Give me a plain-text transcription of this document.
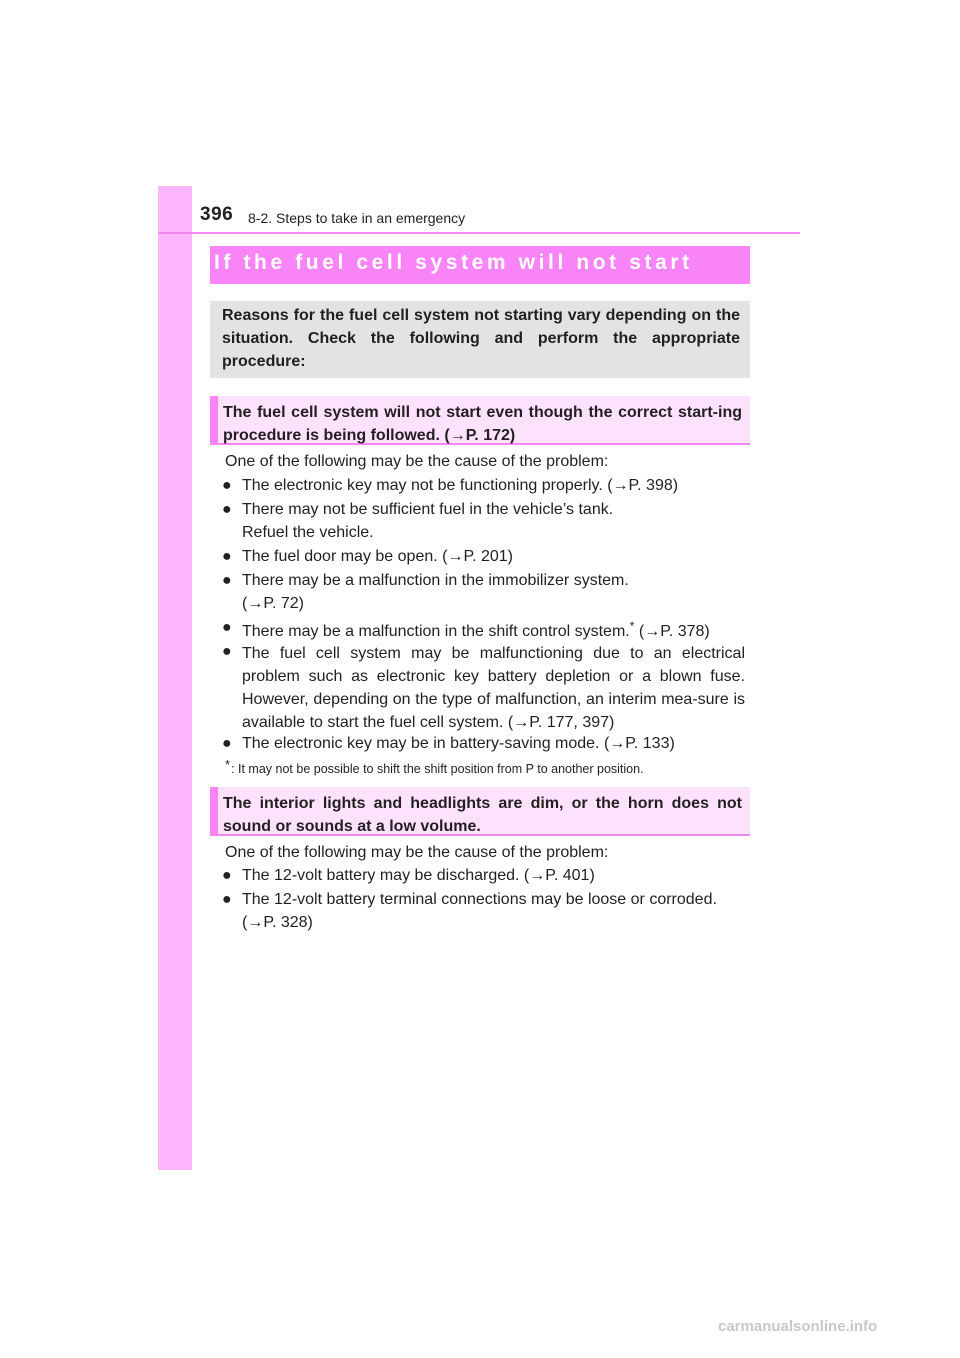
396 8-2. Steps to take in an emergency
If the fuel cell system will not start
Reasons for the fuel cell system not starting vary depending on the situation. Check the following and perform the appropriate procedure:
The fuel cell system will not start even though the correct start-ing procedure is being followed. (→P. 172)
One of the following may be the cause of the problem:
● The electronic key may not be functioning properly. (→P. 398)
● There may not be sufficient fuel in the vehicle’s tank.
Refuel the vehicle.
● The fuel door may be open. (→P. 201)
● There may be a malfunction in the immobilizer system.
(→P. 72)
● There may be a malfunction in the shift control system.* (→P. 378)
● The fuel cell system may be malfunctioning due to an electrical problem such as electronic key battery depletion or a blown fuse. However, depending on the type of malfunction, an interim mea-sure is available to start the fuel cell system. (→P. 177, 397)
● The electronic key may be in battery-saving mode. (→P. 133)
*: It may not be possible to shift the shift position from P to another position.
The interior lights and headlights are dim, or the horn does not sound or sounds at a low volume.
One of the following may be the cause of the problem:
● The 12-volt battery may be discharged. (→P. 401)
● The 12-volt battery terminal connections may be loose or corroded.
(→P. 328)
carmanualsonline.info
